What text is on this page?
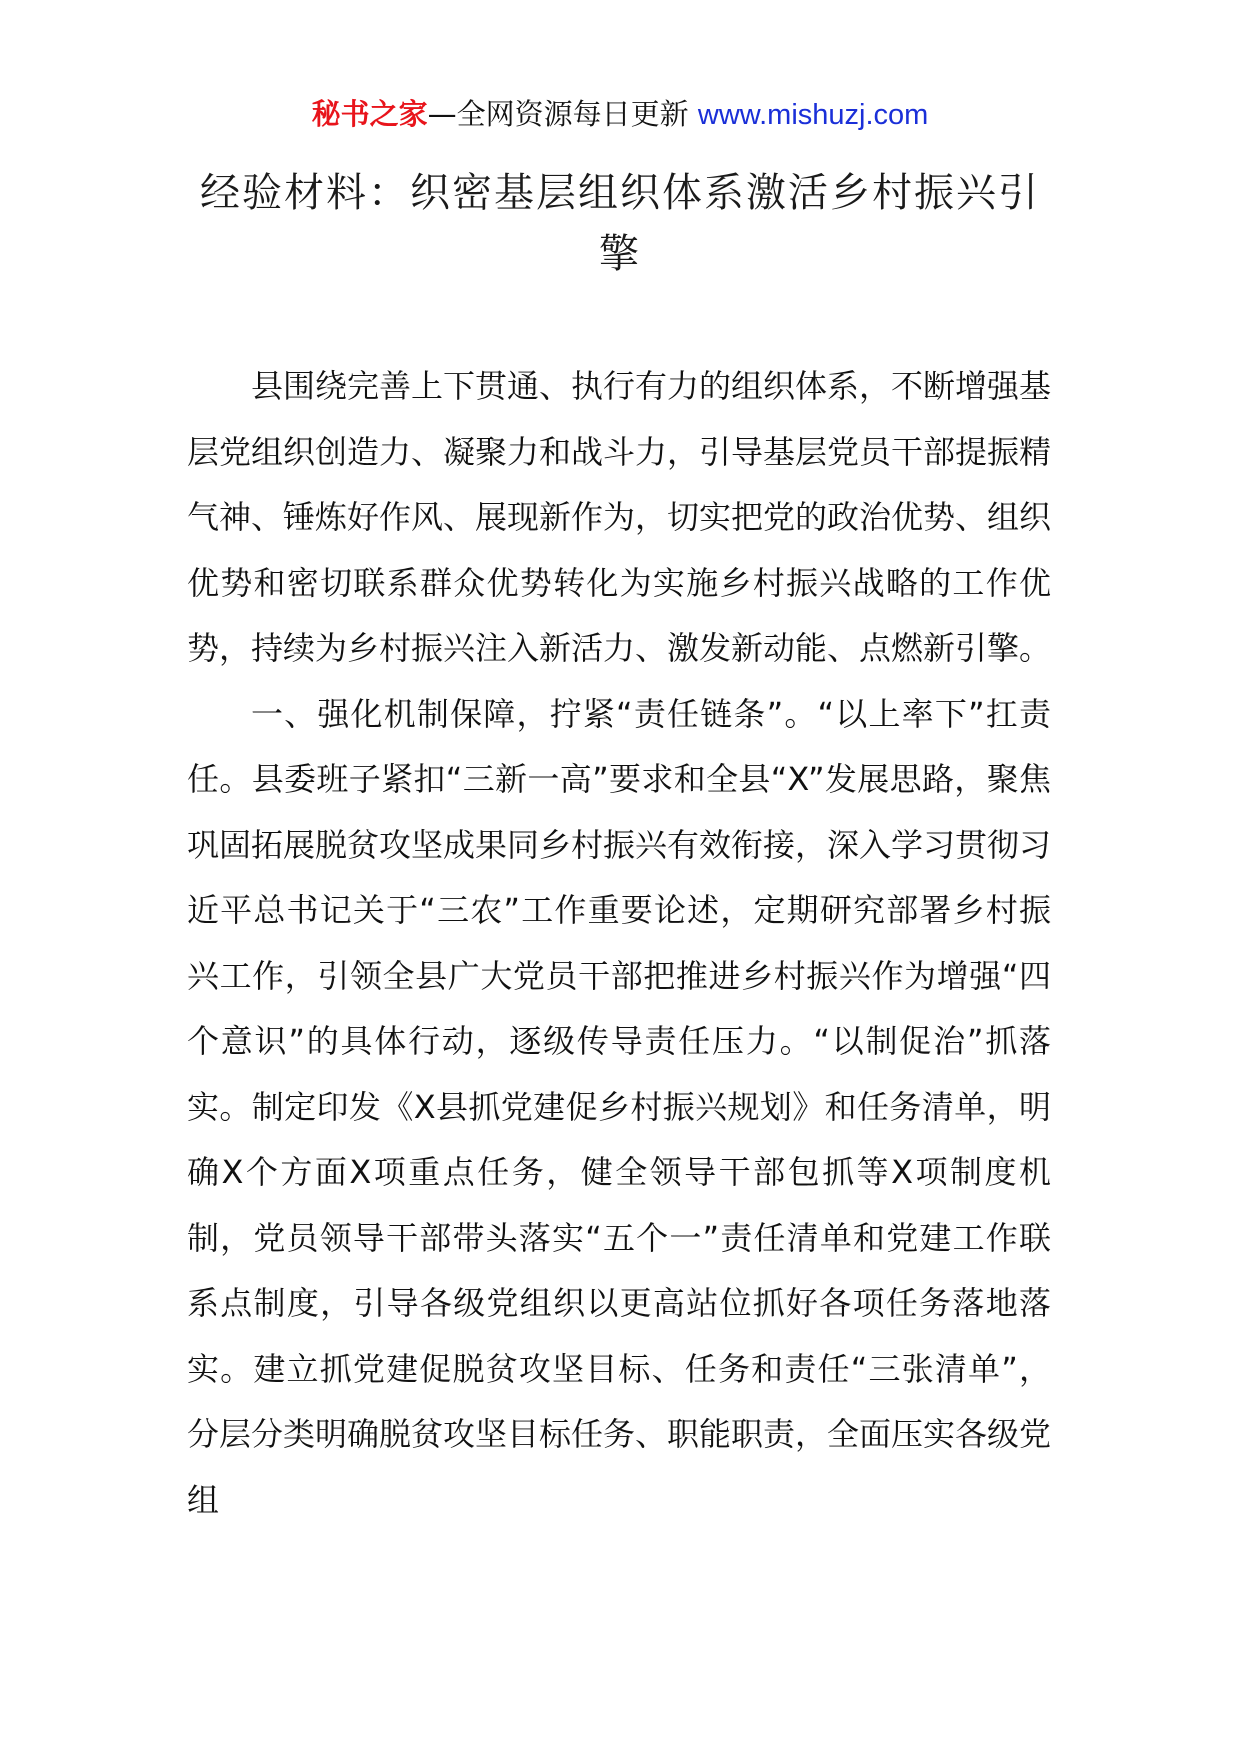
秘书之家—全网资源每日更新 www.mishuzj.com
经验材料：织密基层组织体系激活乡村振兴引擎

县围绕完善上下贯通、执行有力的组织体系，不断增强基层党组织创造力、凝聚力和战斗力，引导基层党员干部提振精气神、锤炼好作风、展现新作为，切实把党的政治优势、组织优势和密切联系群众优势转化为实施乡村振兴战略的工作优势，持续为乡村振兴注入新活力、激发新动能、点燃新引擎。

一、强化机制保障，拧紧“责任链条”。“以上率下”扛责任。县委班子紧扣“三新一高”要求和全县“X”发展思路，聚焦巩固拓展脱贫攻坚成果同乡村振兴有效衔接，深入学习贯彻习近平总书记关于“三农”工作重要论述，定期研究部署乡村振兴工作，引领全县广大党员干部把推进乡村振兴作为增强“四个意识”的具体行动，逐级传导责任压力。“以制促治”抓落实。制定印发《X县抓党建促乡村振兴规划》和任务清单，明确X个方面X项重点任务，健全领导干部包抓等X项制度机制，党员领导干部带头落实“五个一”责任清单和党建工作联系点制度，引导各级党组织以更高站位抓好各项任务落地落实。建立抓党建促脱贫攻坚目标、任务和责任“三张清单”，分层分类明确脱贫攻坚目标任务、职能职责，全面压实各级党组
